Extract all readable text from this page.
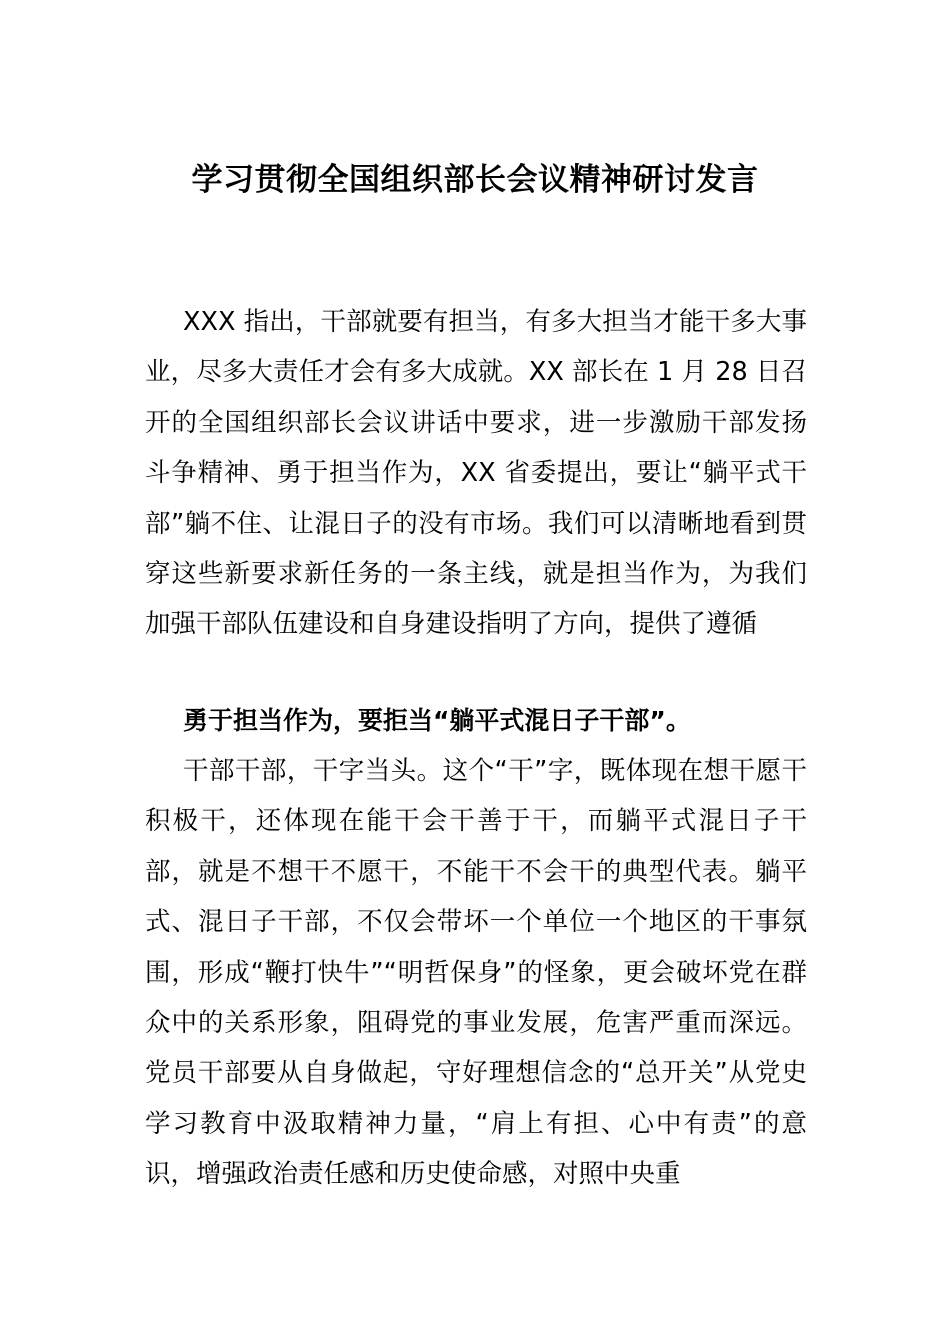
学习贯彻全国组织部长会议精神研讨发言

XXX 指出，干部就要有担当，有多大担当才能干多大事业，尽多大责任才会有多大成就。XX 部长在 1 月 28 日召开的全国组织部长会议讲话中要求，进一步激励干部发扬斗争精神、勇于担当作为，XX 省委提出，要让“躺平式干部”躺不住、让混日子的没有市场。我们可以清晰地看到贯穿这些新要求新任务的一条主线，就是担当作为，为我们加强干部队伍建设和自身建设指明了方向，提供了遵循

勇于担当作为，要拒当“躺平式混日子干部”。

干部干部，干字当头。这个“干”字，既体现在想干愿干积极干，还体现在能干会干善于干，而躺平式混日子干部，就是不想干不愿干，不能干不会干的典型代表。躺平式、混日子干部，不仅会带坏一个单位一个地区的干事氛围，形成“鞭打快牛”“明哲保身”的怪象，更会破坏党在群众中的关系形象，阻碍党的事业发展，危害严重而深远。党员干部要从自身做起，守好理想信念的“总开关”从党史学习教育中汲取精神力量，“肩上有担、心中有责”的意识，增强政治责任感和历史使命感，对照中央重
